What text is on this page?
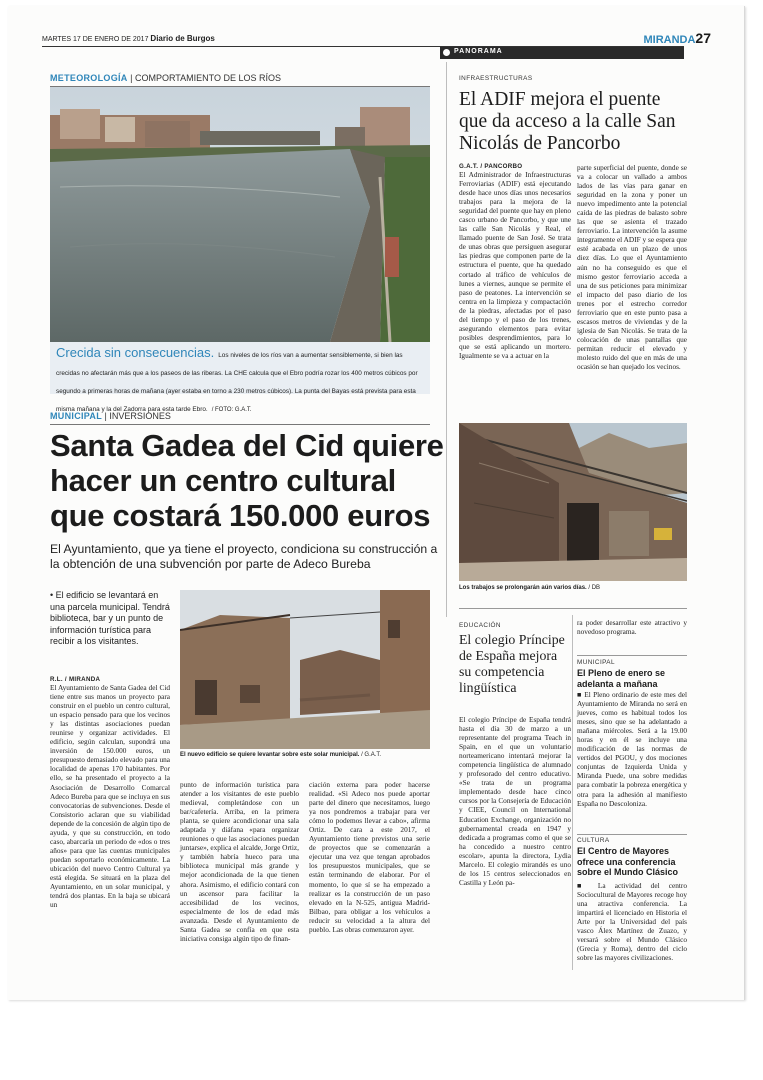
MARTES 17 DE ENERO DE 2017 Diario de Burgos	MIRANDA27
PANORAMA
METEOROLOGÍA | COMPORTAMIENTO DE LOS RÍOS
Crecida sin consecuencias. Los niveles de los ríos van a aumentar sensiblemente, si bien las crecidas no afectarán más que a los paseos de las riberas. La CHE calcula que el Ebro podría rozar los 400 metros cúbicos por segundo a primeras horas de mañana (ayer estaba en torno a 230 metros cúbicos). La punta del Bayas está prevista para esta misma mañana y la del Zadorra para esta tarde Ebro. / FOTO: G.A.T.
INFRAESTRUCTURAS
El ADIF mejora el puente que da acceso a la calle San Nicolás de Pancorbo
G.A.T. / PANCORBO
El Administrador de Infraestructuras Ferroviarias (ADIF) está ejecutando desde hace unos días unos necesarios trabajos para la mejora de la seguridad del puente que hay en pleno casco urbano de Pancorbo, y que une las calle San Nicolás y Real, el llamado puente de San José. Se trata de unas obras que persiguen asegurar las piedras que componen parte de la estructura el puente, que ha quedado cortado al tráfico de vehículos de lunes a viernes, aunque se permite el paso de peatones. La intervención se centra en la limpieza y compactación de la piedras, afectadas por el paso del tiempo y el paso de los trenes, asegurando elementos para evitar posibles desprendimientos, para lo que se está aplicando un mortero. Igualmente se va a actuar en la
parte superficial del puente, donde se va a colocar un vallado a ambos lados de las vías para ganar en seguridad en la zona y poner un nuevo impedimento ante la potencial caída de las piedras de balasto sobre las que se asienta el trazado ferroviario. La intervención la asume íntegramente el ADIF y se espera que esté acabada en un plazo de unos diez días. Lo que el Ayuntamiento aún no ha conseguido es que el mismo gestor ferroviario acceda a una de sus peticiones para minimizar el impacto del paso diario de los trenes por el estrecho corredor ferroviario que en este punto pasa a escasos metros de viviendas y de la iglesia de San Nicolás. Se trata de la colocación de unas pantallas que permitan reducir el elevado y molesto ruido del que en más de una ocasión se han quejado los vecinos.
Los trabajos se prolongarán aún varios días. / DB
MUNICIPAL | INVERSIONES
Santa Gadea del Cid quiere
hacer un centro cultural
que costará 150.000 euros
El Ayuntamiento, que ya tiene el proyecto, condiciona su construcción a la obtención de una subvención por parte de Adeco Bureba
• El edificio se levantará en una parcela municipal. Tendrá biblioteca, bar y un punto de información turística para recibir a los visitantes.
El nuevo edificio se quiere levantar sobre este solar municipal. / G.A.T.
R.L. / MIRANDA
El Ayuntamiento de Santa Gadea del Cid tiene entre sus manos un proyecto para construir en el pueblo un centro cultural, un espacio pensado para que los vecinos y las distintas asociaciones puedan reunirse y organizar actividades. El edificio, según calculan, supondrá una inversión de 150.000 euros, un presupuesto demasiado elevado para una localidad de apenas 170 habitantes. Por ello, se ha presentado el proyecto a la Asociación de Desarrollo Comarcal Adeco Bureba para que se incluya en sus convocatorias de subvenciones. Desde el Consistorio aclaran que su viabilidad depende de la concesión de algún tipo de ayuda, y que su construcción, en todo caso, abarcaría un periodo de «dos o tres años» para que las cuentas municipales puedan soportarlo económicamente. La ubicación del nuevo Centro Cultural ya está elegida. Se situará en la plaza del Ayuntamiento, en un solar municipal, y tendrá dos plantas. En la baja se ubicará un
punto de información turística para atender a los visitantes de este pueblo medieval, completándose con un bar/cafetería. Arriba, en la primera planta, se quiere acondicionar una sala adaptada y diáfana «para organizar reuniones o que las asociaciones puedan juntarse», explica el alcalde, Jorge Ortiz, y también habría hueco para una biblioteca municipal más grande y mejor acondicionada de la que tienen ahora. Asimismo, el edificio contará con un ascensor para facilitar la accesibilidad de los vecinos, especialmente de los de edad más avanzada. Desde el Ayuntamiento de Santa Gadea se confía en que esta iniciativa consiga algún tipo de finan-
ciación externa para poder hacerse realidad. «Si Adeco nos puede aportar parte del dinero que necesitamos, luego ya nos pondremos a trabajar para ver cómo lo podemos llevar a cabo», afirma Ortiz. De cara a este 2017, el Ayuntamiento tiene previstos una serie de proyectos que se comenzarán a ejecutar una vez que tengan aprobados los presupuestos municipales, que se están terminando de elaborar. Por el momento, lo que sí se ha empezado a realizar es la construcción de un paso elevado en la N-525, antigua Madrid-Bilbao, para obligar a los vehículos a reducir su velocidad a la altura del pueblo. Las obras comenzaron ayer.
EDUCACIÓN
El colegio Príncipe de España mejora su competencia lingüística
El colegio Príncipe de España tendrá hasta el día 30 de marzo a un representante del programa Teach in Spain, en el que un voluntario norteamericano intentará mejorar la competencia lingüística de alumnado y profesorado del centro educativo. «Se trata de un programa implementado desde hace cinco cursos por la Consejería de Educación y CIEE, Council on International Education Exchange, organización no gubernamental creada en 1947 y dedicada a programas como el que se ha concedido a nuestro centro escolar», apunta la directora, Lydia Marcelo. El colegio mirandés es uno de los 15 centros seleccionados en Castilla y León pa-
ra poder desarrollar este atractivo y novedoso programa.
MUNICIPAL
El Pleno de enero se adelanta a mañana
■ El Pleno ordinario de este mes del Ayuntamiento de Miranda no será en jueves, como es habitual todos los meses, sino que se ha adelantado a mañana miércoles. Será a la 19.00 horas y en él se incluye una modificación de las normas de vertidos del PGOU, y dos mociones conjuntas de Izquierda Unida y Miranda Puede, una sobre medidas para combatir la pobreza energética y otra para la adhesión al manifiesto España no Descoloniza.
CULTURA
El Centro de Mayores ofrece una conferencia sobre el Mundo Clásico
■ La actividad del centro Sociocultural de Mayores recoge hoy una atractiva conferencia. La impartirá el licenciado en Historia el Arte por la Universidad del país vasco Álex Martínez de Zuazo, y versará sobre el Mundo Clásico (Grecia y Roma), dentro del ciclo sobre las mayores civilizaciones.
